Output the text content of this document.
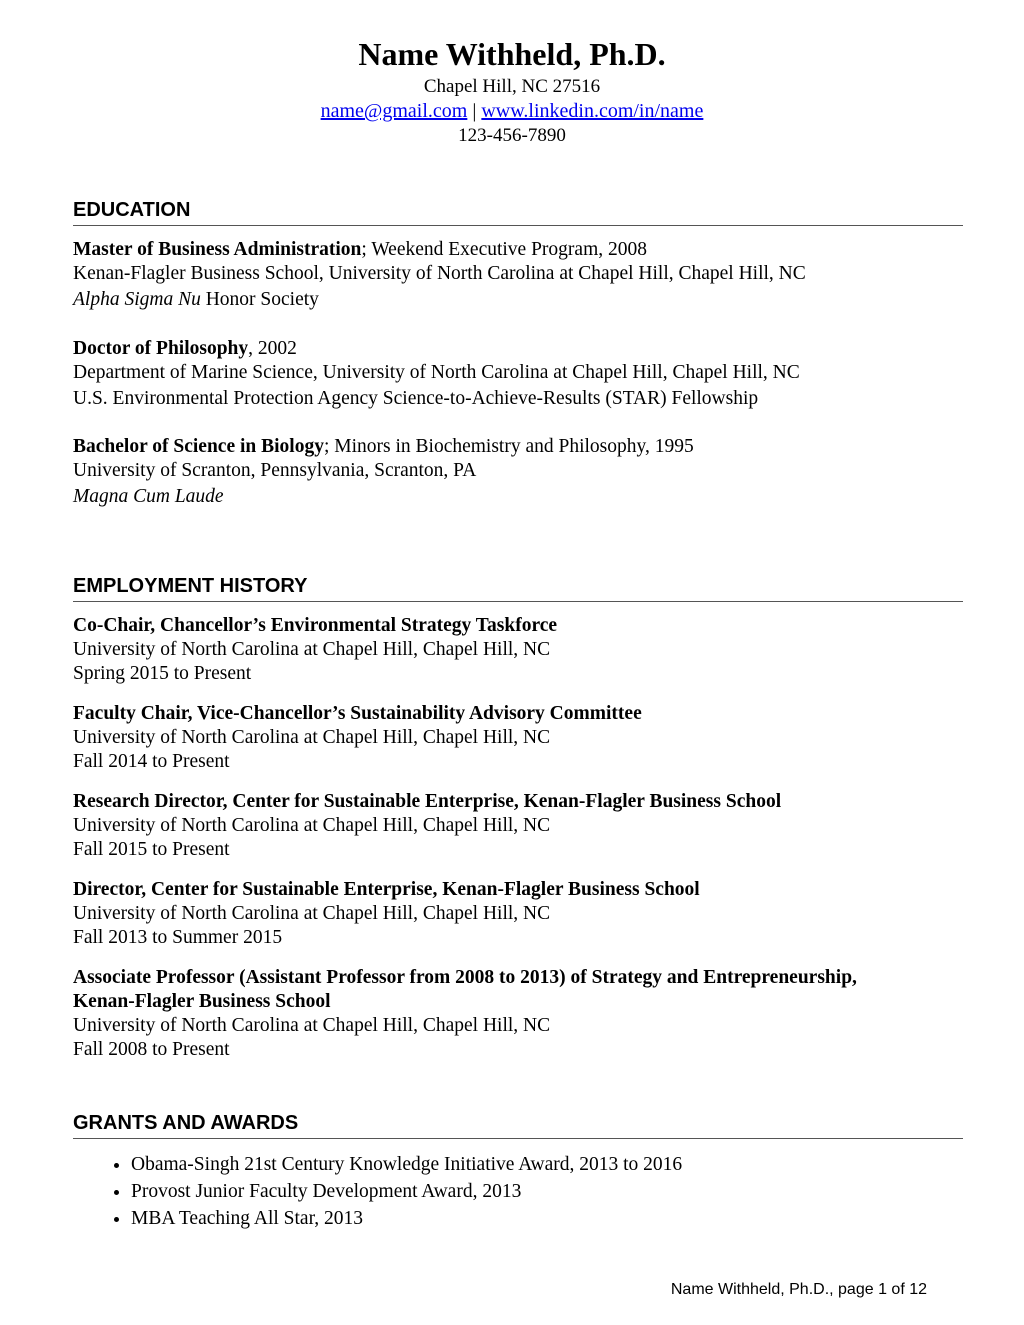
Name Withheld, Ph.D.
Chapel Hill, NC 27516
name@gmail.com | www.linkedin.com/in/name
123-456-7890
EDUCATION
Master of Business Administration; Weekend Executive Program, 2008
Kenan-Flagler Business School, University of North Carolina at Chapel Hill, Chapel Hill, NC
Alpha Sigma Nu Honor Society
Doctor of Philosophy, 2002
Department of Marine Science, University of North Carolina at Chapel Hill, Chapel Hill, NC
U.S. Environmental Protection Agency Science-to-Achieve-Results (STAR) Fellowship
Bachelor of Science in Biology; Minors in Biochemistry and Philosophy, 1995
University of Scranton, Pennsylvania, Scranton, PA
Magna Cum Laude
EMPLOYMENT HISTORY
Co-Chair, Chancellor’s Environmental Strategy Taskforce
University of North Carolina at Chapel Hill, Chapel Hill, NC
Spring 2015 to Present
Faculty Chair, Vice-Chancellor’s Sustainability Advisory Committee
University of North Carolina at Chapel Hill, Chapel Hill, NC
Fall 2014 to Present
Research Director, Center for Sustainable Enterprise, Kenan-Flagler Business School
University of North Carolina at Chapel Hill, Chapel Hill, NC
Fall 2015 to Present
Director, Center for Sustainable Enterprise, Kenan-Flagler Business School
University of North Carolina at Chapel Hill, Chapel Hill, NC
Fall 2013 to Summer 2015
Associate Professor (Assistant Professor from 2008 to 2013) of Strategy and Entrepreneurship,
Kenan-Flagler Business School
University of North Carolina at Chapel Hill, Chapel Hill, NC
Fall 2008 to Present
GRANTS AND AWARDS
• Obama-Singh 21st Century Knowledge Initiative Award, 2013 to 2016
• Provost Junior Faculty Development Award, 2013
• MBA Teaching All Star, 2013
Name Withheld, Ph.D., page 1 of 12
